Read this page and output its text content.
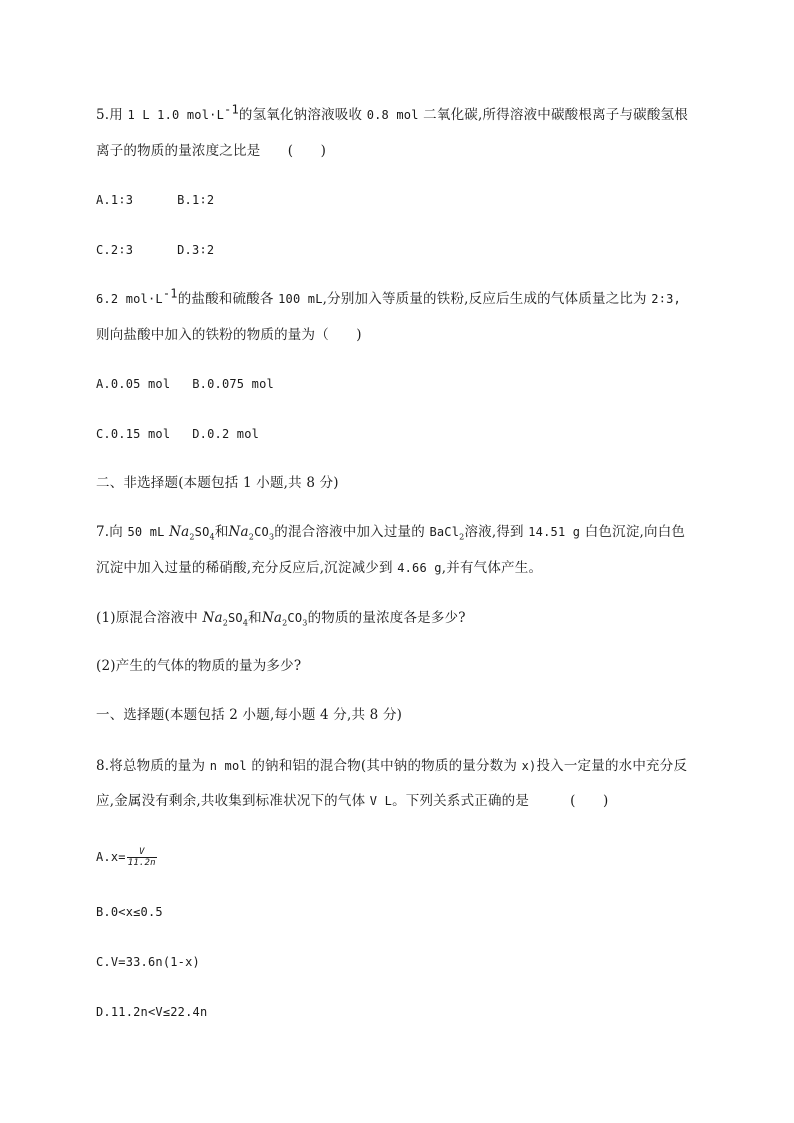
5.用 1 L 1.0 $mol\cdot L^{-1}$的氢氧化钠溶液吸收 0.8 mol 二氧化碳,所得溶液中碳酸根离子与碳酸氢根
离子的物质的量浓度之比是　　(　　)
A.1∶3	B.1∶2
C.2∶3	D.3∶2
6.2 $mol\cdot L^{-1}$的盐酸和硫酸各 100 mL,分别加入等质量的铁粉,反应后生成的气体质量之比为 2∶3,
则向盐酸中加入的铁粉的物质的量为（　　)
A.0.05 mol B.0.075 mol
C.0.15 mol D.0.2 mol
二、非选择题(本题包括 1 小题,共 8 分)
7.向 50 mL $Na_2SO_4$和$Na_2CO_3$的混合溶液中加入过量的 BaCl$_2$溶液,得到 14.51 g 白色沉淀,向白色
沉淀中加入过量的稀硝酸,充分反应后,沉淀减少到 4.66 g,并有气体产生。
(1)原混合溶液中 $Na_2SO_4$和$Na_2CO_3$的物质的量浓度各是多少?
(2)产生的气体的物质的量为多少?
一、选择题(本题包括 2 小题,每小题 4 分,共 8 分)
8.将总物质的量为 n mol 的钠和铝的混合物(其中钠的物质的量分数为 x)投入一定量的水中充分反
应,金属没有剩余,共收集到标准状况下的气体 V L。下列关系式正确的是　　　(　　)
$A.x= \frac{V}{11.2n}$
B.0<x≤0.5
C.V=33.6n(1-x)
D.11.2n<V≤22.4n
